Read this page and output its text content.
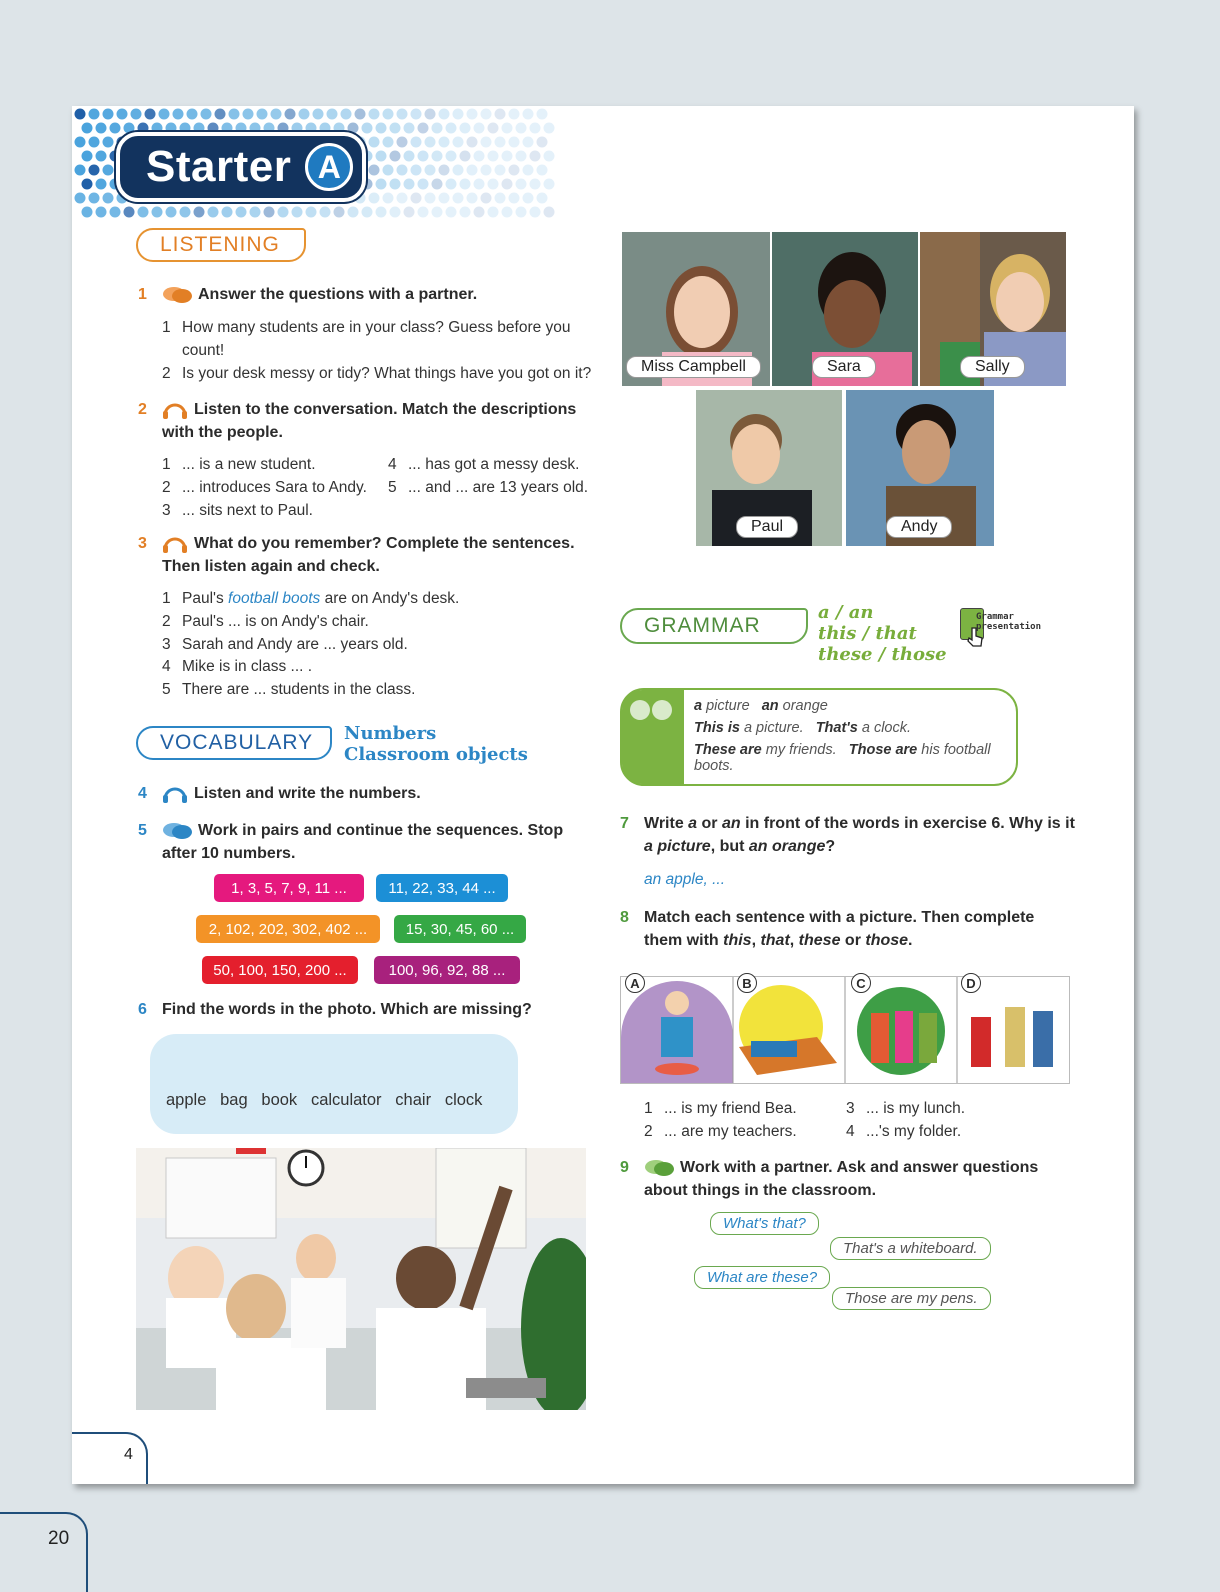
Starter A
LISTENING
1	Answer the questions with a partner.
1 How many students are in your class? Guess before you
count!
2 Is your desk messy or tidy? What things have you got on it?
2	Listen to the conversation. Match the descriptions
with the people.
1 ... is a new student.
2 ... introduces Sara to Andy.
3 ... sits next to Paul.
4 ... has got a messy desk.
5 ... and ... are 13 years old.
3	What do you remember? Complete the sentences.
Then listen again and check.
1 Paul's football boots are on Andy's desk.
2 Paul's ... is on Andy's chair.
3 Sarah and Andy are ... years old.
4 Mike is in class ... .
5 There are ... students in the class.
VOCABULARY	Numbers
Classroom objects
4	Listen and write the numbers.
5	Work in pairs and continue the sequences. Stop
after 10 numbers.
1, 3, 5, 7, 9, 11 ...	11, 22, 33, 44 ...
2, 102, 202, 302, 402 ...	15, 30, 45, 60 ...
50, 100, 150, 200 ...	100, 96, 92, 88 ...
6 Find the words in the photo. Which are missing?

apple   bag   book   calculator   chair   clock

Miss Campbell	Sara	Sally
Paul	Andy
GRAMMAR
a / an
this / that
these / those
Grammar
presentation
a picture   an orange
This is a picture.   That's a clock.
These are my friends.   Those are his football boots.
7 Write a or an in front of the words in exercise 6. Why is it
a picture, but an orange?
an apple, ...
8 Match each sentence with a picture. Then complete
them with this, that, these or those.
A	B	C	D
1 ... is my friend Bea.
2 ... are my teachers.
3 ... is my lunch.
4 ...'s my folder.
9	Work with a partner. Ask and answer questions
about things in the classroom.
What's that?
That's a whiteboard.
What are these?
Those are my pens.
4
20
